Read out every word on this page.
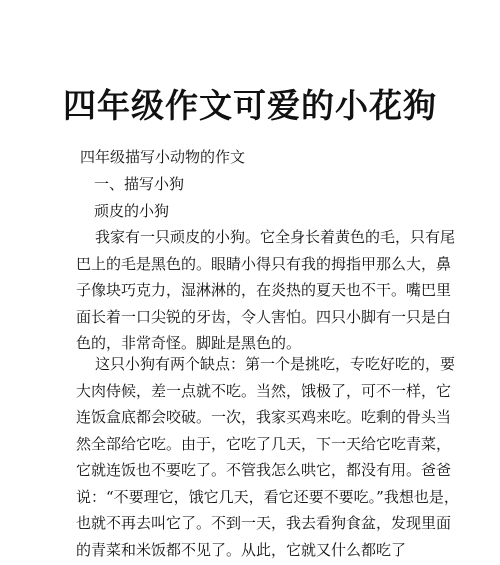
四年级作文可爱的小花狗
四年级描写小动物的作文
一、描写小狗
顽皮的小狗
我家有一只顽皮的小狗。它全身长着黄色的毛，只有尾
巴上的毛是黑色的。眼睛小得只有我的拇指甲那么大，鼻
子像块巧克力，湿淋淋的，在炎热的夏天也不干。嘴巴里
面长着一口尖锐的牙齿，令人害怕。四只小脚有一只是白
色的，非常奇怪。脚趾是黑色的。
这只小狗有两个缺点：第一个是挑吃，专吃好吃的，要
大肉侍候，差一点就不吃。当然，饿极了，可不一样，它
连饭盒底都会咬破。一次，我家买鸡来吃。吃剩的骨头当
然全部给它吃。由于，它吃了几天，下一天给它吃青菜，
它就连饭也不要吃了。不管我怎么哄它，都没有用。爸爸
说：“不要理它，饿它几天，看它还要不要吃。”我想也是，
也就不再去叫它了。不到一天，我去看狗食盆，发现里面
的青菜和米饭都不见了。从此，它就又什么都吃了
